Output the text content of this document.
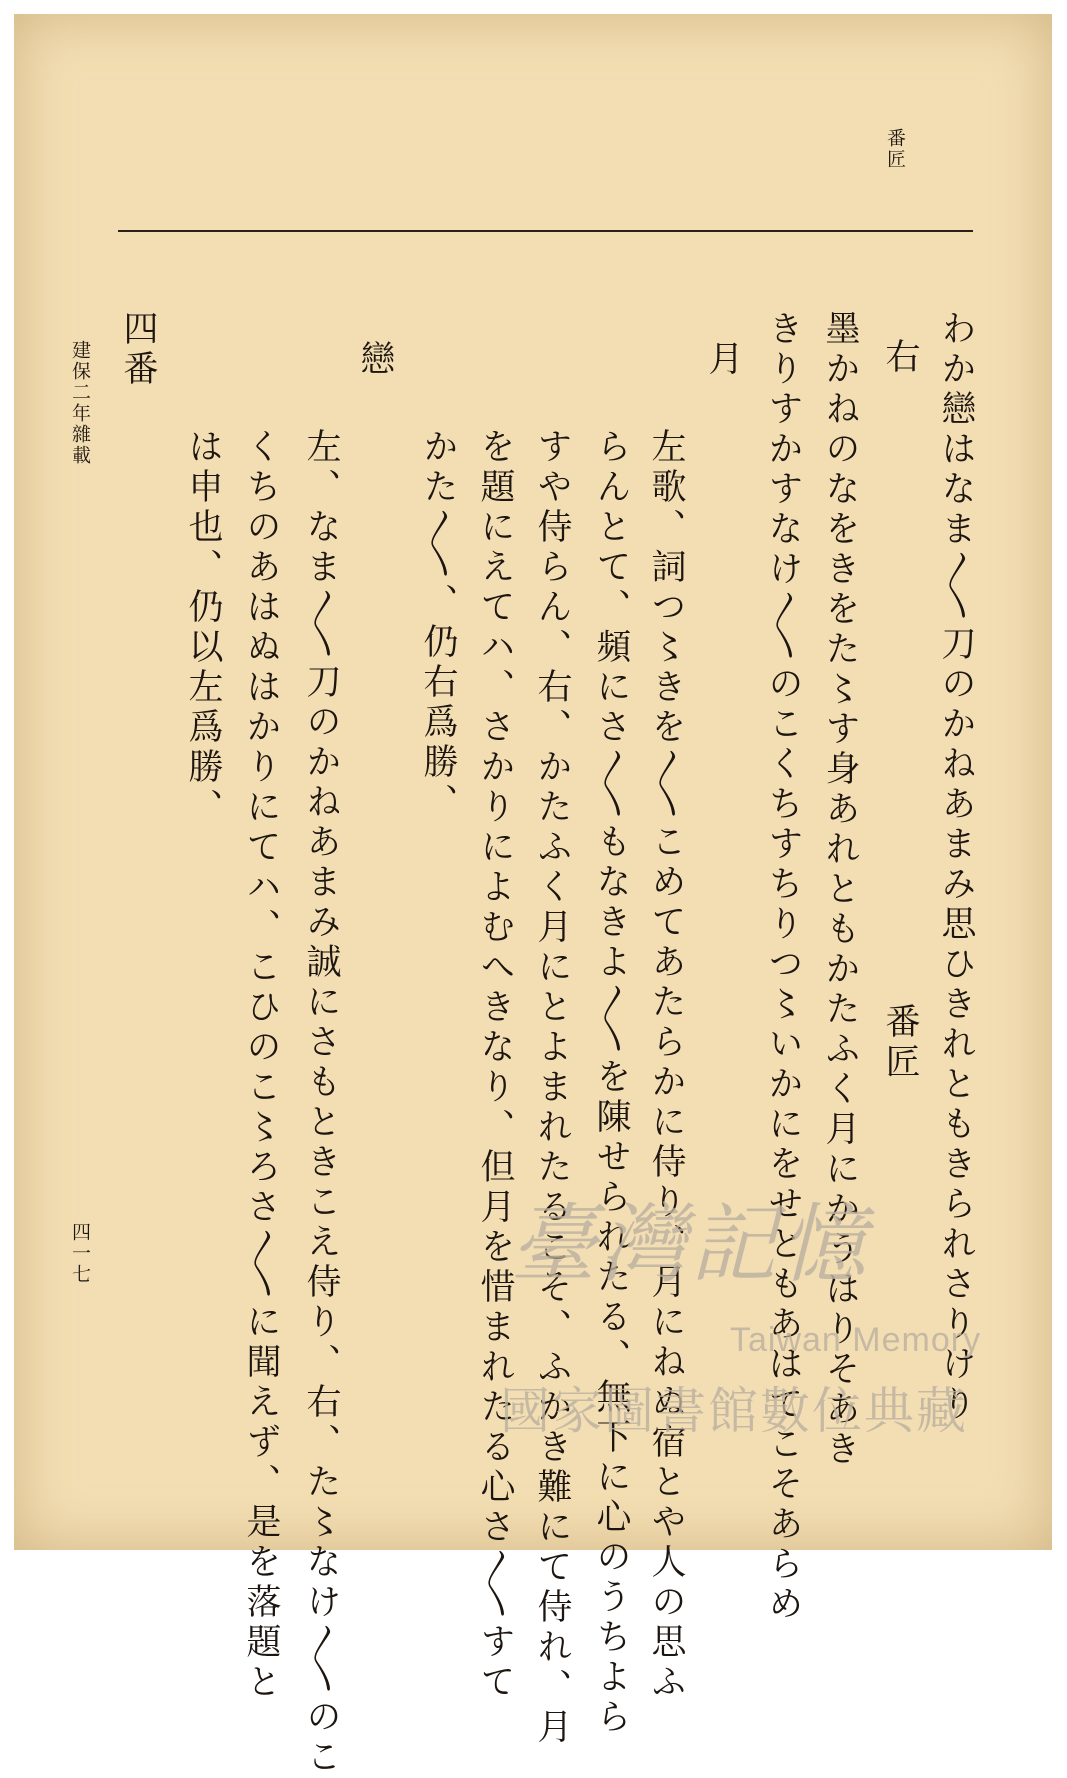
番匠
わか戀はなま〳〵刀のかねあまみ思ひきれともきられさりけり
右
番匠
墨かねのなをきをた〻す身あれともかたふく月にかうはりそあき
きりすかすなけ〳〵のこくちすちりつ〻いかにをせともあはてこそあらめ
月
左歌、詞つ〻きを〳〵こめてあたらかに侍り、月にねぬ宿とや人の思ふ
らんとて、頻にさ〳〵もなきよ〳〵を陳せられたる、無下に心のうちよら
すや侍らん、右、かたふく月にとよまれたるこそ、ふかき難にて侍れ、月
を題にえてハ、さかりによむへきなり、但月を惜まれたる心さ〳〵すて
かた〳〵、仍右爲勝、
戀
左、なま〳〵刀のかねあまみ誠にさもときこえ侍り、右、た〻なけ〳〵のこ
くちのあはぬはかりにてハ、こひのこ〻ろさ〳〵に聞えず、是を落題と
は申也、仍以左爲勝、
四番
建保二年雜載
四一七	臺灣記憶
Taiwan Memory
國家圖書館數位典藏
